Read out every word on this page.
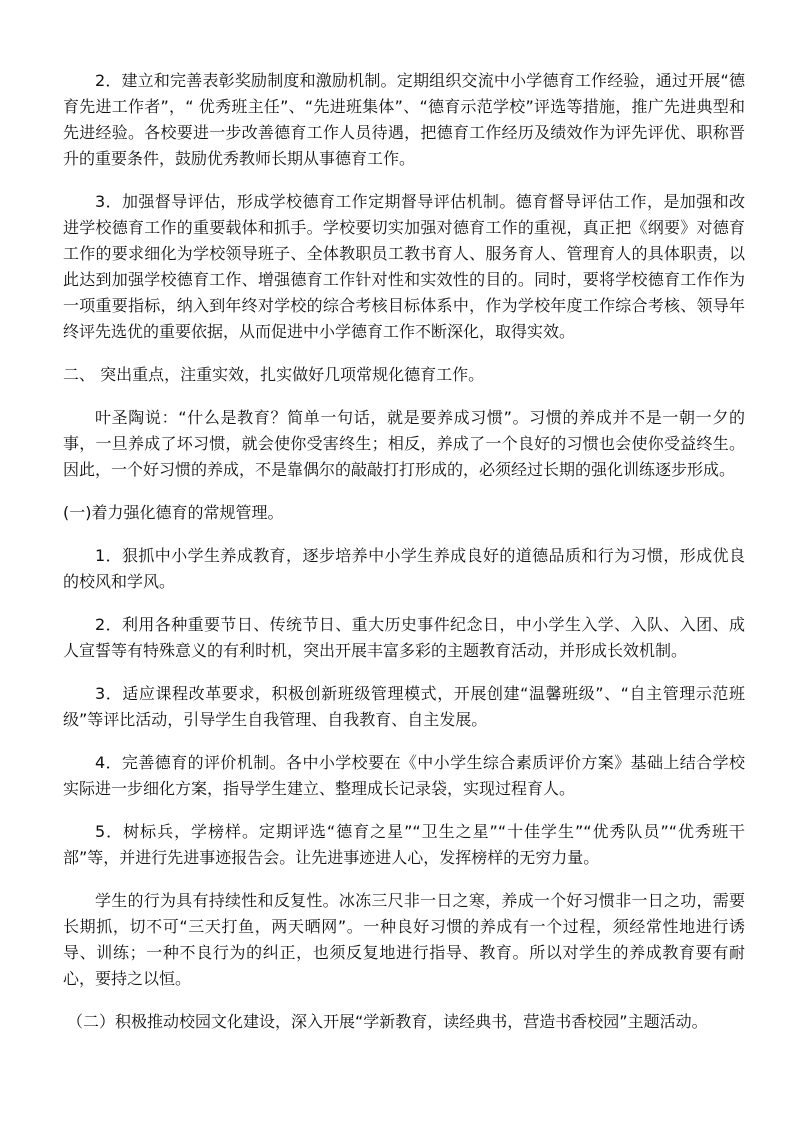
2．建立和完善表彰奖励制度和激励机制。定期组织交流中小学德育工作经验，通过开展“德育先进工作者”，“ 优秀班主任”、“先进班集体”、“德育示范学校”评选等措施，推广先进典型和先进经验。各校要进一步改善德育工作人员待遇，把德育工作经历及绩效作为评先评优、职称晋升的重要条件，鼓励优秀教师长期从事德育工作。

3．加强督导评估，形成学校德育工作定期督导评估机制。德育督导评估工作，是加强和改进学校德育工作的重要载体和抓手。学校要切实加强对德育工作的重视，真正把《纲要》对德育工作的要求细化为学校领导班子、全体教职员工教书育人、服务育人、管理育人的具体职责，以此达到加强学校德育工作、增强德育工作针对性和实效性的目的。同时，要将学校德育工作作为一项重要指标，纳入到年终对学校的综合考核目标体系中，作为学校年度工作综合考核、领导年终评先选优的重要依据，从而促进中小学德育工作不断深化，取得实效。

二、 突出重点，注重实效，扎实做好几项常规化德育工作。

叶圣陶说：“什么是教育？简单一句话，就是要养成习惯”。习惯的养成并不是一朝一夕的事，一旦养成了坏习惯，就会使你受害终生；相反，养成了一个良好的习惯也会使你受益终生。因此，一个好习惯的养成，不是靠偶尔的敲敲打打形成的，必须经过长期的强化训练逐步形成。

(一)着力强化德育的常规管理。

1．狠抓中小学生养成教育，逐步培养中小学生养成良好的道德品质和行为习惯，形成优良的校风和学风。

2．利用各种重要节日、传统节日、重大历史事件纪念日，中小学生入学、入队、入团、成人宣誓等有特殊意义的有利时机，突出开展丰富多彩的主题教育活动，并形成长效机制。

3．适应课程改革要求，积极创新班级管理模式，开展创建“温馨班级”、“自主管理示范班级”等评比活动，引导学生自我管理、自我教育、自主发展。

4．完善德育的评价机制。各中小学校要在《中小学生综合素质评价方案》基础上结合学校实际进一步细化方案，指导学生建立、整理成长记录袋，实现过程育人。

5．树标兵，学榜样。定期评选“德育之星”“卫生之星”“十佳学生”“优秀队员”“优秀班干部”等，并进行先进事迹报告会。让先进事迹进人心，发挥榜样的无穷力量。

学生的行为具有持续性和反复性。冰冻三尺非一日之寒，养成一个好习惯非一日之功，需要长期抓，切不可“三天打鱼，两天晒网”。一种良好习惯的养成有一个过程，须经常性地进行诱导、训练；一种不良行为的纠正，也须反复地进行指导、教育。所以对学生的养成教育要有耐心，要持之以恒。

（二）积极推动校园文化建设，深入开展“学新教育，读经典书，营造书香校园”主题活动。
